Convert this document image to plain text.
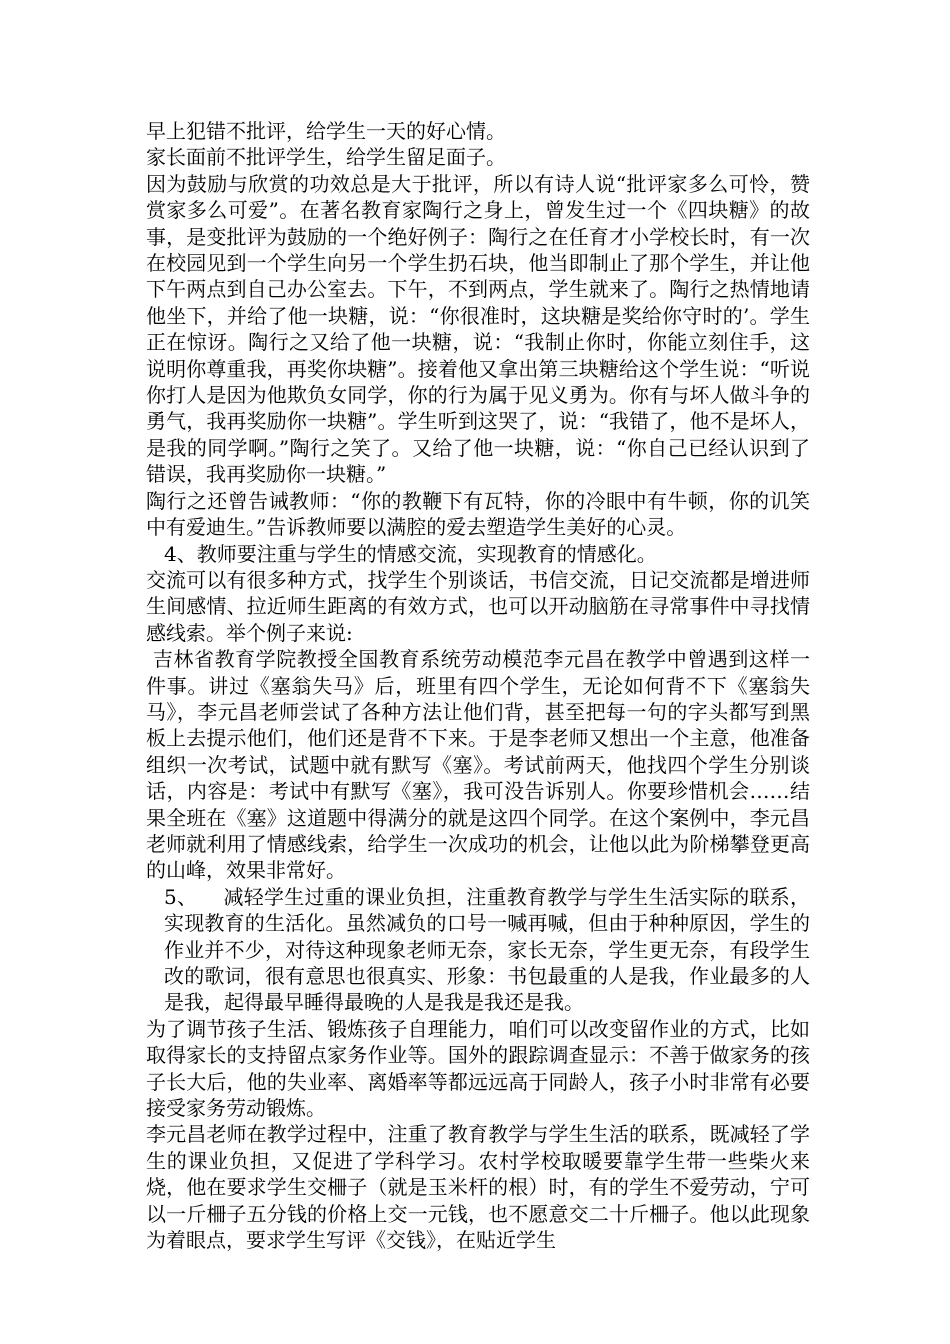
早上犯错不批评，给学生一天的好心情。

家长面前不批评学生，给学生留足面子。

因为鼓励与欣赏的功效总是大于批评，所以有诗人说“批评家多么可怜，赞赏家多么可爱”。在著名教育家陶行之身上，曾发生过一个《四块糖》的故事，是变批评为鼓励的一个绝好例子：陶行之在任育才小学校长时，有一次在校园见到一个学生向另一个学生扔石块，他当即制止了那个学生，并让他下午两点到自己办公室去。下午，不到两点，学生就来了。陶行之热情地请他坐下，并给了他一块糖，说：“你很准时，这块糖是奖给你守时的’。学生正在惊讶。陶行之又给了他一块糖，说：“我制止你时，你能立刻住手，这说明你尊重我，再奖你块糖”。接着他又拿出第三块糖给这个学生说：“听说你打人是因为他欺负女同学，你的行为属于见义勇为。你有与坏人做斗争的勇气，我再奖励你一块糖”。学生听到这哭了，说：“我错了，他不是坏人，是我的同学啊。”陶行之笑了。又给了他一块糖，说：“你自己已经认识到了错误，我再奖励你一块糖。”

陶行之还曾告诫教师：“你的教鞭下有瓦特，你的冷眼中有牛顿，你的讥笑中有爱迪生。”告诉教师要以满腔的爱去塑造学生美好的心灵。

4、教师要注重与学生的情感交流，实现教育的情感化。

交流可以有很多种方式，找学生个别谈话，书信交流，日记交流都是增进师生间感情、拉近师生距离的有效方式，也可以开动脑筋在寻常事件中寻找情感线索。举个例子来说:

吉林省教育学院教授全国教育系统劳动模范李元昌在教学中曾遇到这样一件事。讲过《塞翁失马》后，班里有四个学生，无论如何背不下《塞翁失马》，李元昌老师尝试了各种方法让他们背，甚至把每一句的字头都写到黑板上去提示他们，他们还是背不下来。于是李老师又想出一个主意，他准备组织一次考试，试题中就有默写《塞》。考试前两天，他找四个学生分别谈话，内容是：考试中有默写《塞》，我可没告诉别人。你要珍惜机会……结果全班在《塞》这道题中得满分的就是这四个同学。在这个案例中，李元昌老师就利用了情感线索，给学生一次成功的机会，让他以此为阶梯攀登更高的山峰，效果非常好。

5、    减轻学生过重的课业负担，注重教育教学与学生生活实际的联系，实现教育的生活化。虽然减负的口号一喊再喊，但由于种种原因，学生的作业并不少，对待这种现象老师无奈，家长无奈，学生更无奈，有段学生改的歌词，很有意思也很真实、形象：书包最重的人是我，作业最多的人是我，起得最早睡得最晚的人是我是我还是我。

为了调节孩子生活、锻炼孩子自理能力，咱们可以改变留作业的方式，比如取得家长的支持留点家务作业等。国外的跟踪调查显示：不善于做家务的孩子长大后，他的失业率、离婚率等都远远高于同龄人，孩子小时非常有必要接受家务劳动锻炼。

李元昌老师在教学过程中，注重了教育教学与学生生活的联系，既减轻了学生的课业负担，又促进了学科学习。农村学校取暖要靠学生带一些柴火来烧，他在要求学生交柵子（就是玉米杆的根）时，有的学生不爱劳动，宁可以一斤柵子五分钱的价格上交一元钱，也不愿意交二十斤柵子。他以此现象为着眼点，要求学生写评《交钱》，在贴近学生
